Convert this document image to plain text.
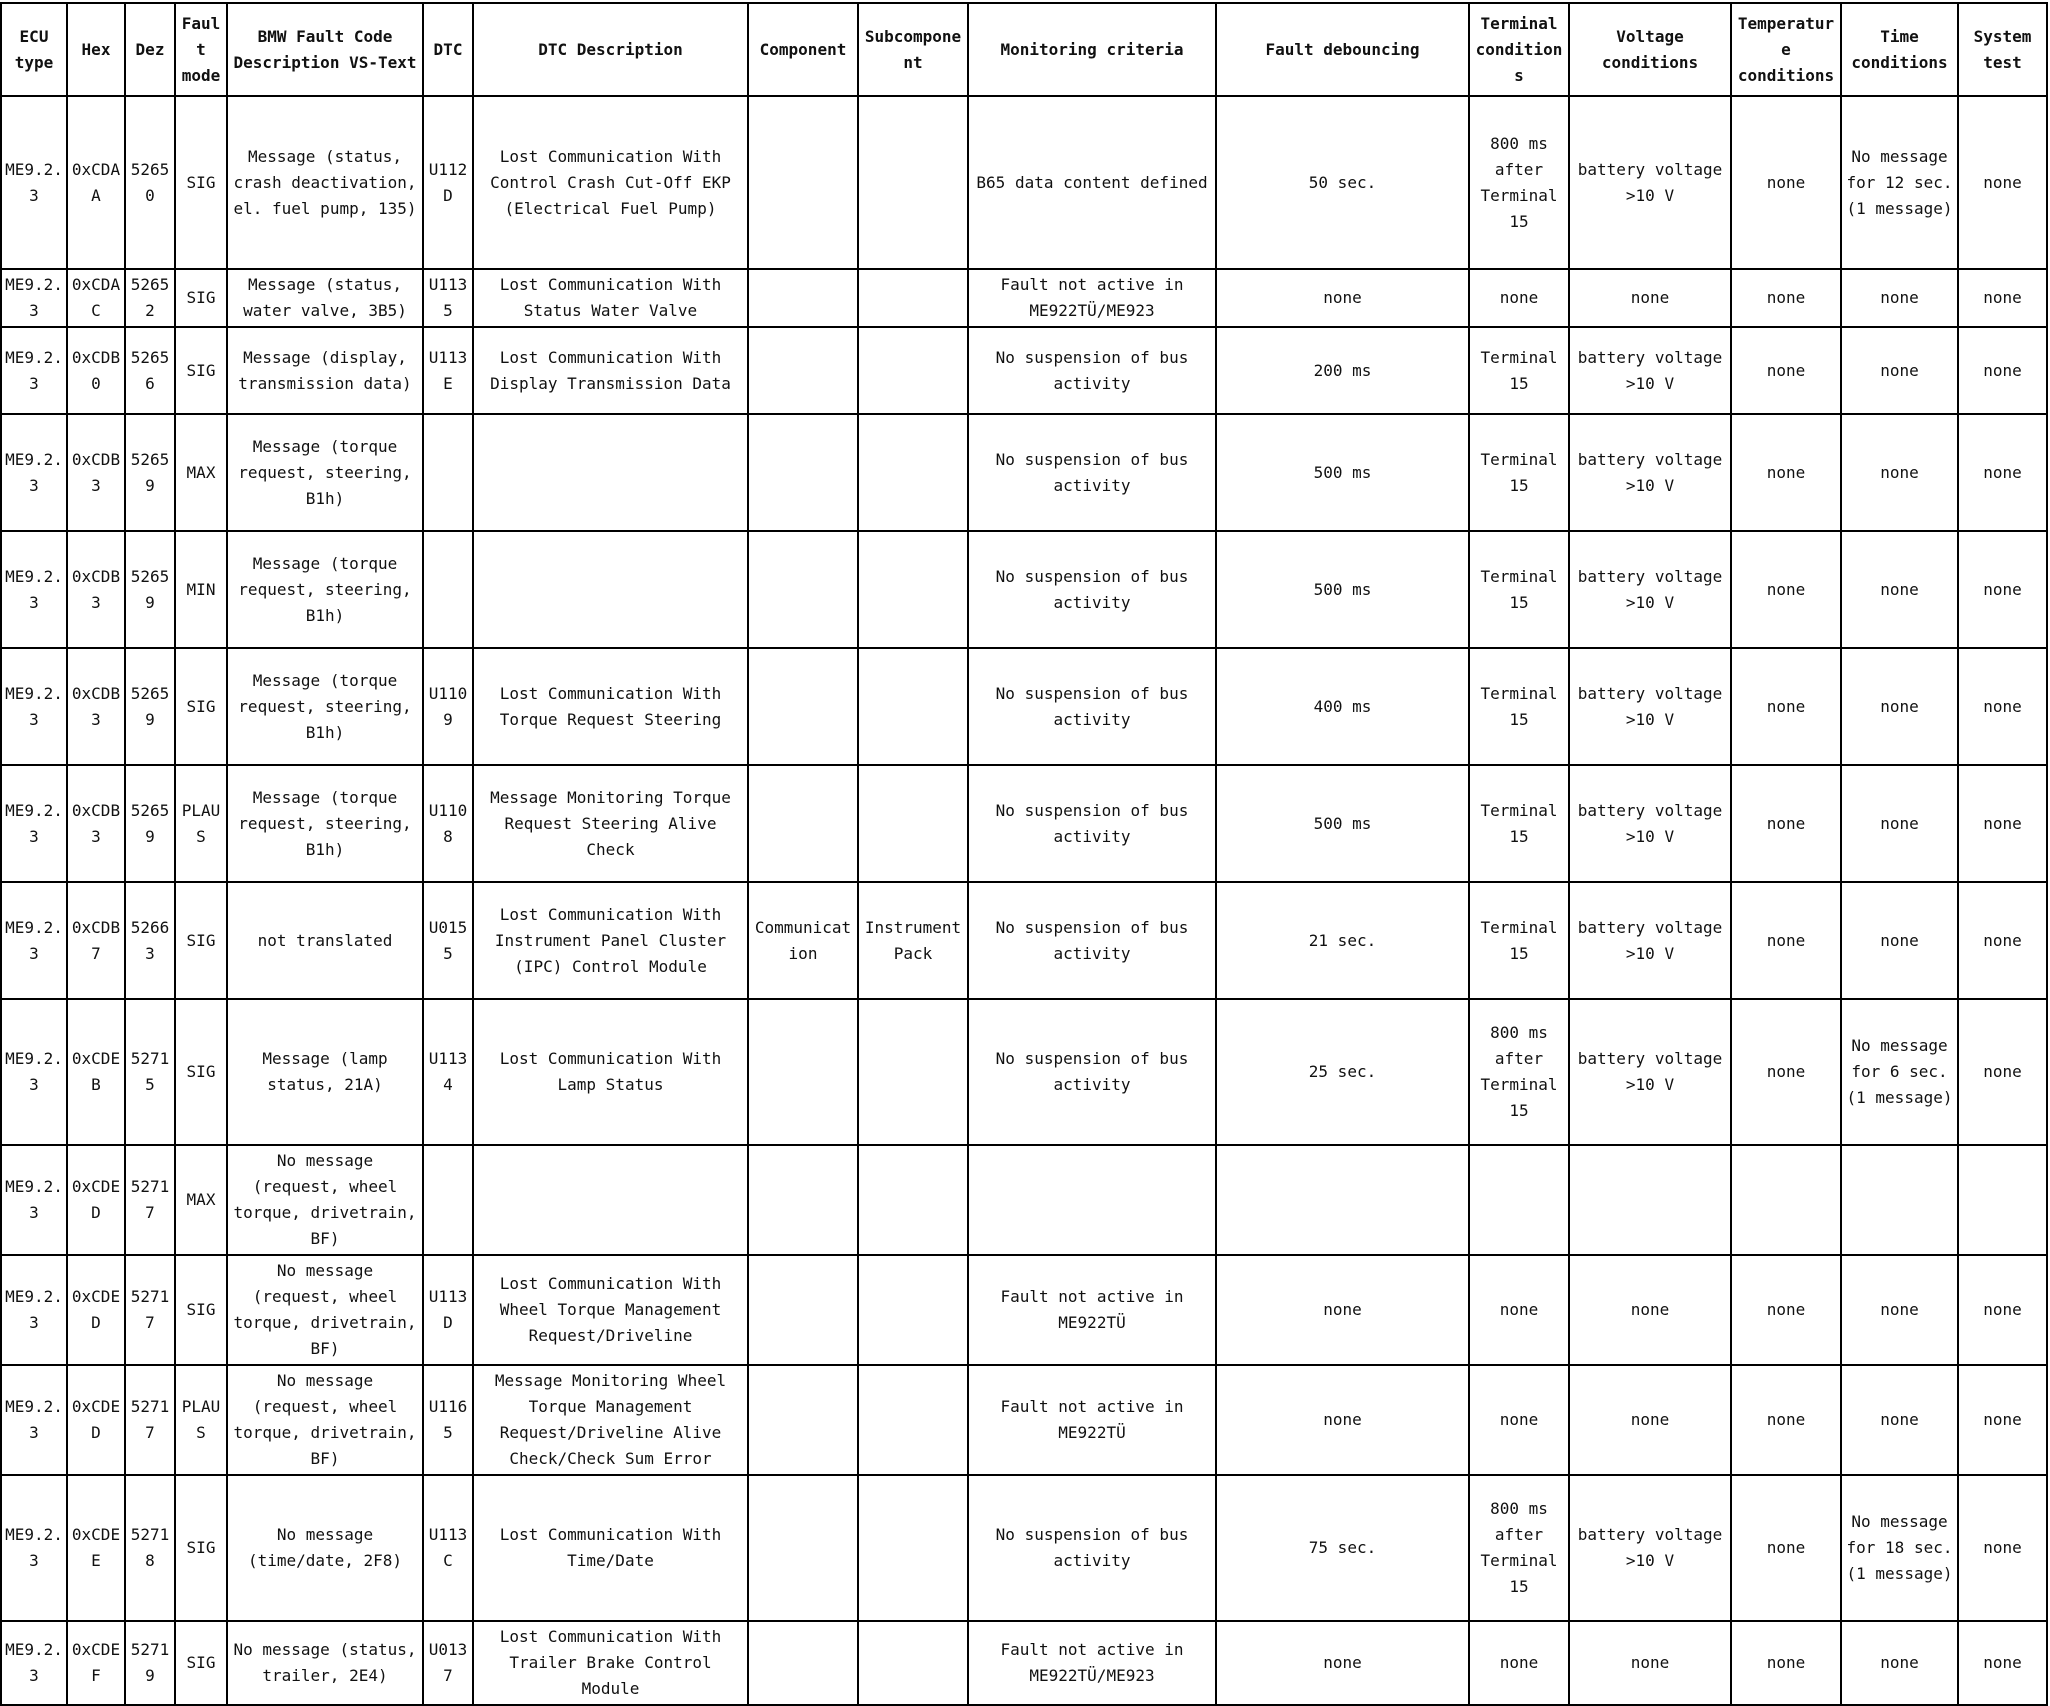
ECU type	Hex	Dez	Fault mode	BMW Fault Code Description VS-Text	DTC	DTC Description	Component	Subcomponent	Monitoring criteria	Fault debouncing	Terminal conditions	Voltage conditions	Temperature conditions	Time conditions	System test
ME9.2.3	0xCDAA	52650	SIG	Message (status, crash deactivation, el. fuel pump, 135)	U112D	Lost Communication With Control Crash Cut-Off EKP (Electrical Fuel Pump)			B65 data content defined	50 sec.	800 ms after Terminal 15	battery voltage >10 V	none	No message for 12 sec. (1 message)	none
ME9.2.3	0xCDAC	52652	SIG	Message (status, water valve, 3B5)	U1135	Lost Communication With Status Water Valve			Fault not active in ME922TÜ/ME923	none	none	none	none	none	none
ME9.2.3	0xCDB0	52656	SIG	Message (display, transmission data)	U113E	Lost Communication With Display Transmission Data			No suspension of bus activity	200 ms	Terminal 15	battery voltage >10 V	none	none	none
ME9.2.3	0xCDB3	52659	MAX	Message (torque request, steering, B1h)					No suspension of bus activity	500 ms	Terminal 15	battery voltage >10 V	none	none	none
ME9.2.3	0xCDB3	52659	MIN	Message (torque request, steering, B1h)					No suspension of bus activity	500 ms	Terminal 15	battery voltage >10 V	none	none	none
ME9.2.3	0xCDB3	52659	SIG	Message (torque request, steering, B1h)	U1109	Lost Communication With Torque Request Steering			No suspension of bus activity	400 ms	Terminal 15	battery voltage >10 V	none	none	none
ME9.2.3	0xCDB3	52659	PLAUS	Message (torque request, steering, B1h)	U1108	Message Monitoring Torque Request Steering Alive Check			No suspension of bus activity	500 ms	Terminal 15	battery voltage >10 V	none	none	none
ME9.2.3	0xCDB7	52663	SIG	not translated	U0155	Lost Communication With Instrument Panel Cluster (IPC) Control Module	Communication	Instrument Pack	No suspension of bus activity	21 sec.	Terminal 15	battery voltage >10 V	none	none	none
ME9.2.3	0xCDEB	52715	SIG	Message (lamp status, 21A)	U1134	Lost Communication With Lamp Status			No suspension of bus activity	25 sec.	800 ms after Terminal 15	battery voltage >10 V	none	No message for 6 sec. (1 message)	none
ME9.2.3	0xCDED	52717	MAX	No message (request, wheel torque, drivetrain, BF)											
ME9.2.3	0xCDED	52717	SIG	No message (request, wheel torque, drivetrain, BF)	U113D	Lost Communication With Wheel Torque Management Request/Driveline			Fault not active in ME922TÜ	none	none	none	none	none	none
ME9.2.3	0xCDED	52717	PLAUS	No message (request, wheel torque, drivetrain, BF)	U1165	Message Monitoring Wheel Torque Management Request/Driveline Alive Check/Check Sum Error			Fault not active in ME922TÜ	none	none	none	none	none	none
ME9.2.3	0xCDEE	52718	SIG	No message (time/date, 2F8)	U113C	Lost Communication With Time/Date			No suspension of bus activity	75 sec.	800 ms after Terminal 15	battery voltage >10 V	none	No message for 18 sec. (1 message)	none
ME9.2.3	0xCDEF	52719	SIG	No message (status, trailer, 2E4)	U0137	Lost Communication With Trailer Brake Control Module			Fault not active in ME922TÜ/ME923	none	none	none	none	none	none
